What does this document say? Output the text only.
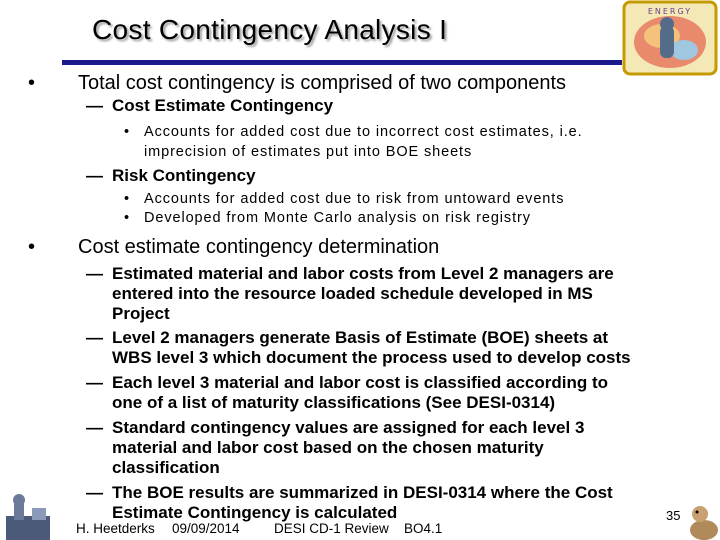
Cost Contingency Analysis I
ENERGY
• Total cost contingency is comprised of two components
— Cost Estimate Contingency
• Accounts for added cost due to incorrect cost estimates, i.e.
imprecision of estimates put into BOE sheets
— Risk Contingency
• Accounts for added cost due to risk from untoward events
• Developed from Monte Carlo analysis on risk registry
• Cost estimate contingency determination
— Estimated material and labor costs from Level 2 managers are
entered into the resource loaded schedule developed in MS
Project
— Level 2 managers generate Basis of Estimate (BOE) sheets at
WBS level 3 which document the process used to develop costs
— Each level 3 material and labor cost is classified according to
one of a list of maturity classifications (See DESI-0314)
— Standard contingency values are assigned for each level 3
material and labor cost based on the chosen maturity
classification
— The BOE results are summarized in DESI-0314 where the Cost
Estimate Contingency is calculated
H. Heetderks 09/09/2014	DESI CD-1 Review BO4.1
35
